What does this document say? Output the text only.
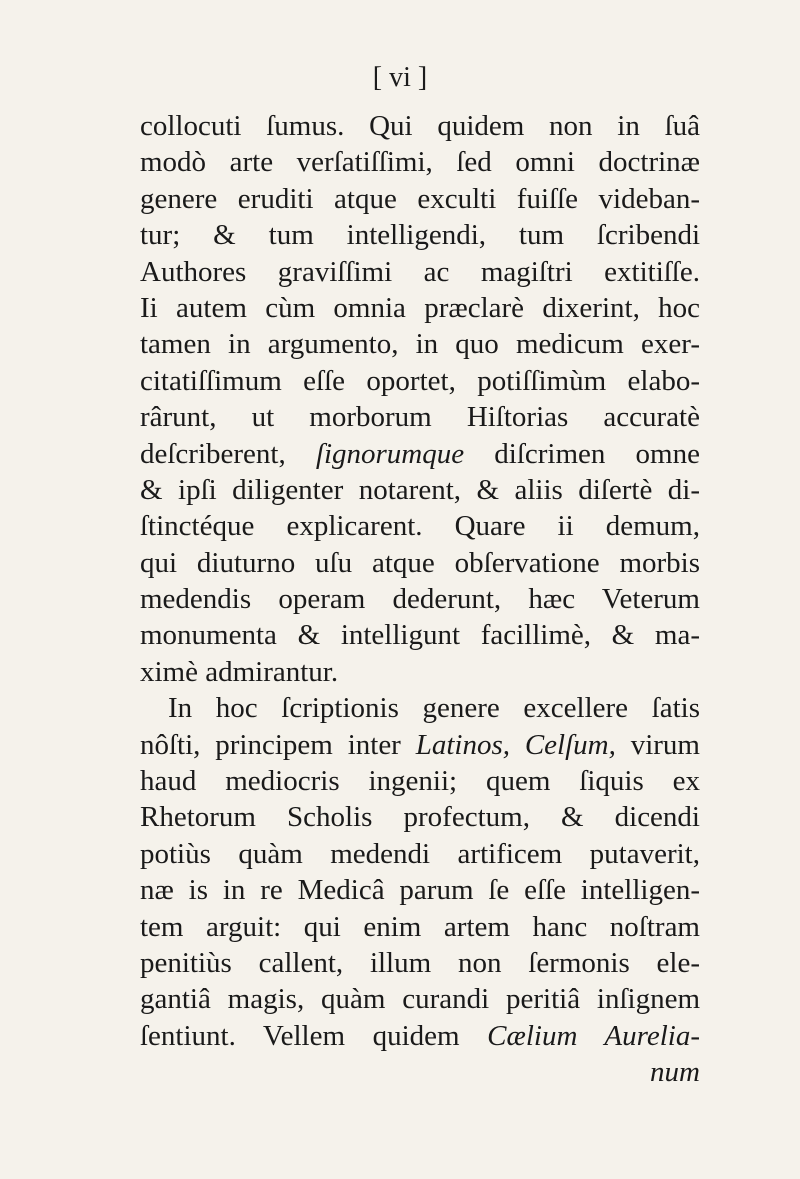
[ vi ]
collocuti ſumus. Qui quidem non in ſuâ
modò arte verſatiſſimi, ſed omni doctrinæ
genere eruditi atque exculti fuiſſe videban-
tur; & tum intelligendi, tum ſcribendi
Authores graviſſimi ac magiſtri extitiſſe.
Ii autem cùm omnia præclarè dixerint, hoc
tamen in argumento, in quo medicum exer-
citatiſſimum eſſe oportet, potiſſimùm elabo-
rârunt, ut morborum Hiſtorias accuratè
deſcriberent, ſignorumque diſcrimen omne
& ipſi diligenter notarent, & aliis diſertè di-
ſtinctéque explicarent. Quare ii demum,
qui diuturno uſu atque obſervatione morbis
medendis operam dederunt, hæc Veterum
monumenta & intelligunt facillimè, & ma-
ximè admirantur.
In hoc ſcriptionis genere excellere ſatis
nôſti, principem inter Latinos, Celſum, virum
haud mediocris ingenii; quem ſiquis ex
Rhetorum Scholis profectum, & dicendi
potiùs quàm medendi artificem putaverit,
næ is in re Medicâ parum ſe eſſe intelligen-
tem arguit: qui enim artem hanc noſtram
penitiùs callent, illum non ſermonis ele-
gantiâ magis, quàm curandi peritiâ inſignem
ſentiunt. Vellem quidem Cælium Aurelia-
num
